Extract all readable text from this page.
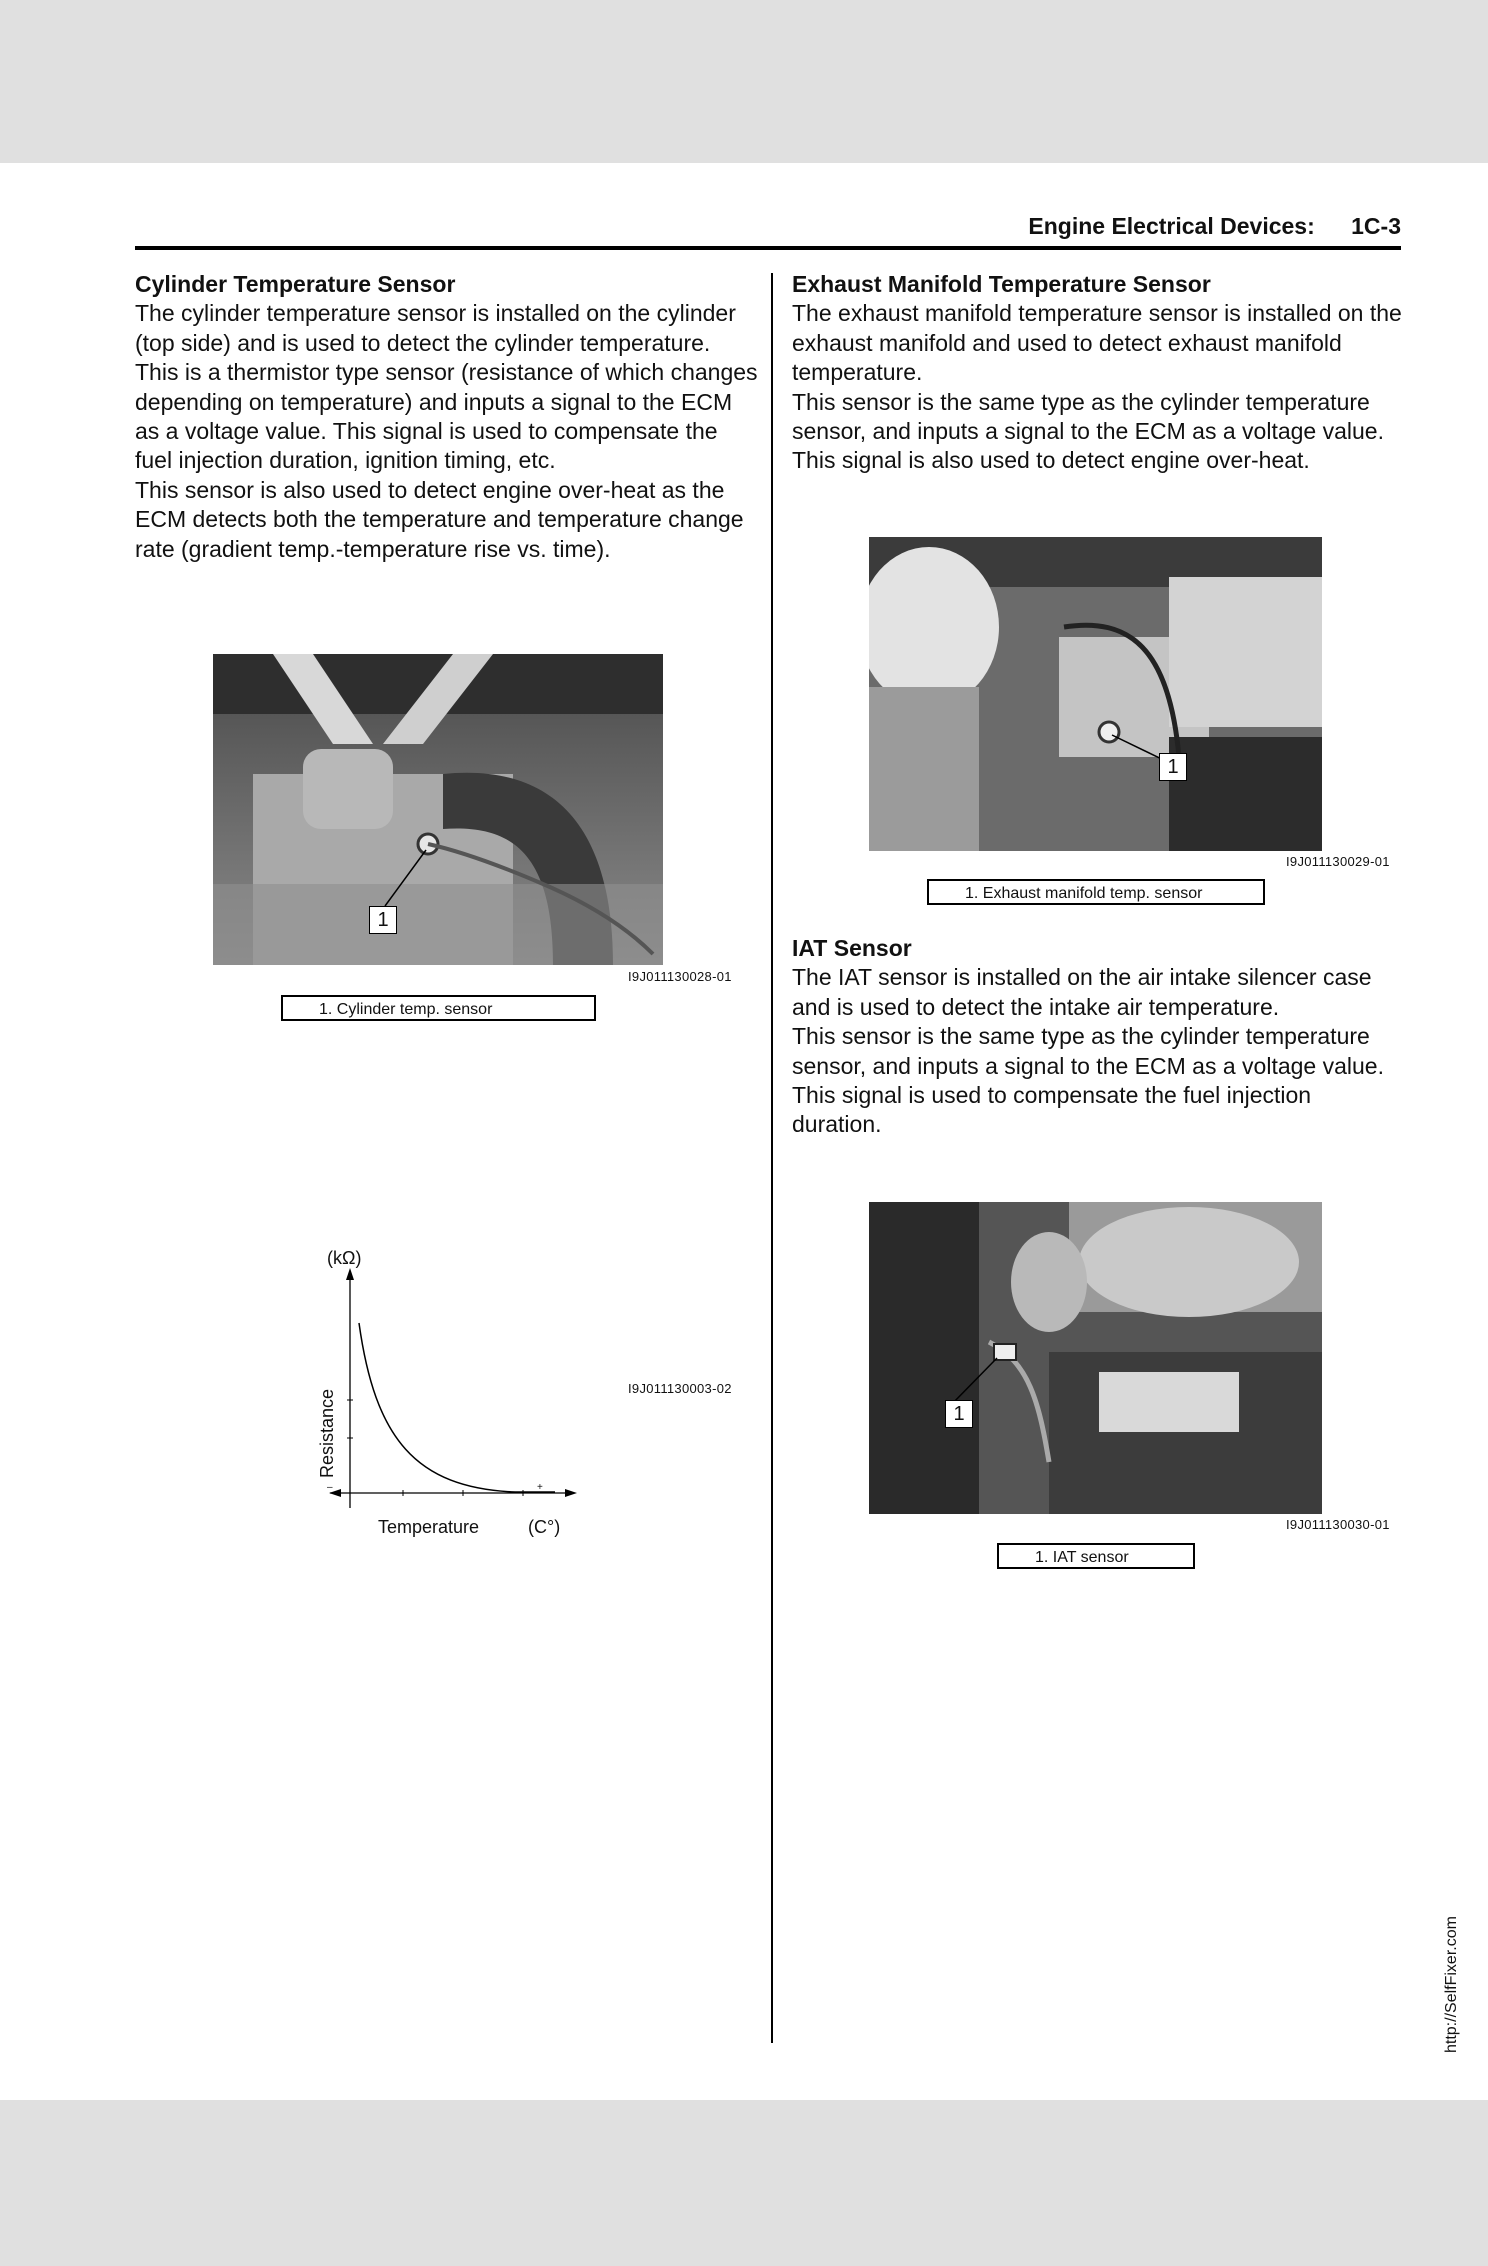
Engine Electrical Devices: 1C-3
Cylinder Temperature Sensor

The cylinder temperature sensor is installed on the cylinder (top side) and is used to detect the cylinder temperature.

This is a thermistor type sensor (resistance of which changes depending on temperature) and inputs a signal to the ECM as a voltage value. This signal is used to compensate the fuel injection duration, ignition timing, etc.

This sensor is also used to detect engine over-heat as the ECM detects both the temperature and temperature change rate (gradient temp.-temperature rise vs. time).

1
I9J011130028-01
1. Cylinder temp. sensor
(kΩ)
Resistance
–	+
Temperature	(C°)
I9J011130003-02
Exhaust Manifold Temperature Sensor

The exhaust manifold temperature sensor is installed on the exhaust manifold and used to detect exhaust manifold temperature.

This sensor is the same type as the cylinder temperature sensor, and inputs a signal to the ECM as a voltage value.

This signal is also used to detect engine over-heat.

1
I9J011130029-01
1. Exhaust manifold temp. sensor
IAT Sensor

The IAT sensor is installed on the air intake silencer case and is used to detect the intake air temperature.

This sensor is the same type as the cylinder temperature sensor, and inputs a signal to the ECM as a voltage value.

This signal is used to compensate the fuel injection duration.

1
I9J011130030-01
1. IAT sensor
http://SelfFixer.com
